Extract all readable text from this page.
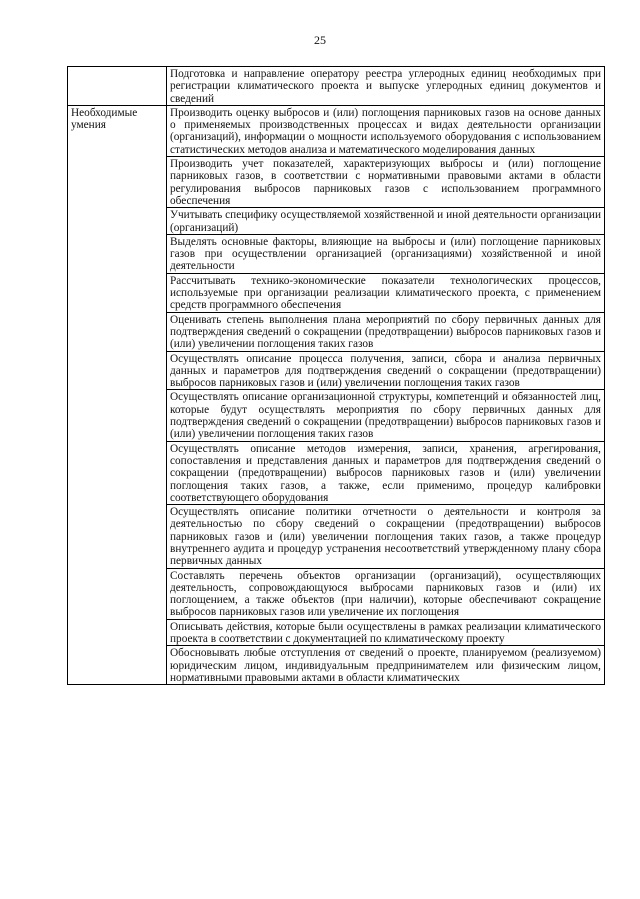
25
	Подготовка и направление оператору реестра углеродных единиц необходимых при регистрации климатического проекта и выпуске углеродных единиц документов и сведений
Необходимые умения	Производить оценку выбросов и (или) поглощения парниковых газов на основе данных о применяемых производственных процессах и видах деятельности организации (организаций), информации о мощности используемого оборудования с использованием статистических методов анализа и математического моделирования данных
	Производить учет показателей, характеризующих выбросы и (или) поглощение парниковых газов, в соответствии с нормативными правовыми актами в области регулирования выбросов парниковых газов с использованием программного обеспечения
	Учитывать специфику осуществляемой хозяйственной и иной деятельности организации (организаций)
	Выделять основные факторы, влияющие на выбросы и (или) поглощение парниковых газов при осуществлении организацией (организациями) хозяйственной и иной деятельности
	Рассчитывать технико-экономические показатели технологических процессов, используемые при организации реализации климатического проекта, с применением средств программного обеспечения
	Оценивать степень выполнения плана мероприятий по сбору первичных данных для подтверждения сведений о сокращении (предотвращении) выбросов парниковых газов и (или) увеличении поглощения таких газов
	Осуществлять описание процесса получения, записи, сбора и анализа первичных данных и параметров для подтверждения сведений о сокращении (предотвращении) выбросов парниковых газов и (или) увеличении поглощения таких газов
	Осуществлять описание организационной структуры, компетенций и обязанностей лиц, которые будут осуществлять мероприятия по сбору первичных данных для подтверждения сведений о сокращении (предотвращении) выбросов парниковых газов и (или) увеличении поглощения таких газов
	Осуществлять описание методов измерения, записи, хранения, агрегирования, сопоставления и представления данных и параметров для подтверждения сведений о сокращении (предотвращении) выбросов парниковых газов и (или) увеличении поглощения таких газов, а также, если применимо, процедур калибровки соответствующего оборудования
	Осуществлять описание политики отчетности о деятельности и контроля за деятельностью по сбору сведений о сокращении (предотвращении) выбросов парниковых газов и (или) увеличении поглощения таких газов, а также процедур внутреннего аудита и процедур устранения несоответствий утвержденному плану сбора первичных данных
	Составлять перечень объектов организации (организаций), осуществляющих деятельность, сопровождающуюся выбросами парниковых газов и (или) их поглощением, а также объектов (при наличии), которые обеспечивают сокращение выбросов парниковых газов или увеличение их поглощения
	Описывать действия, которые были осуществлены в рамках реализации климатического проекта в соответствии с документацией по климатическому проекту
	Обосновывать любые отступления от сведений о проекте, планируемом (реализуемом) юридическим лицом, индивидуальным предпринимателем или физическим лицом, нормативными правовыми актами в области климатических
